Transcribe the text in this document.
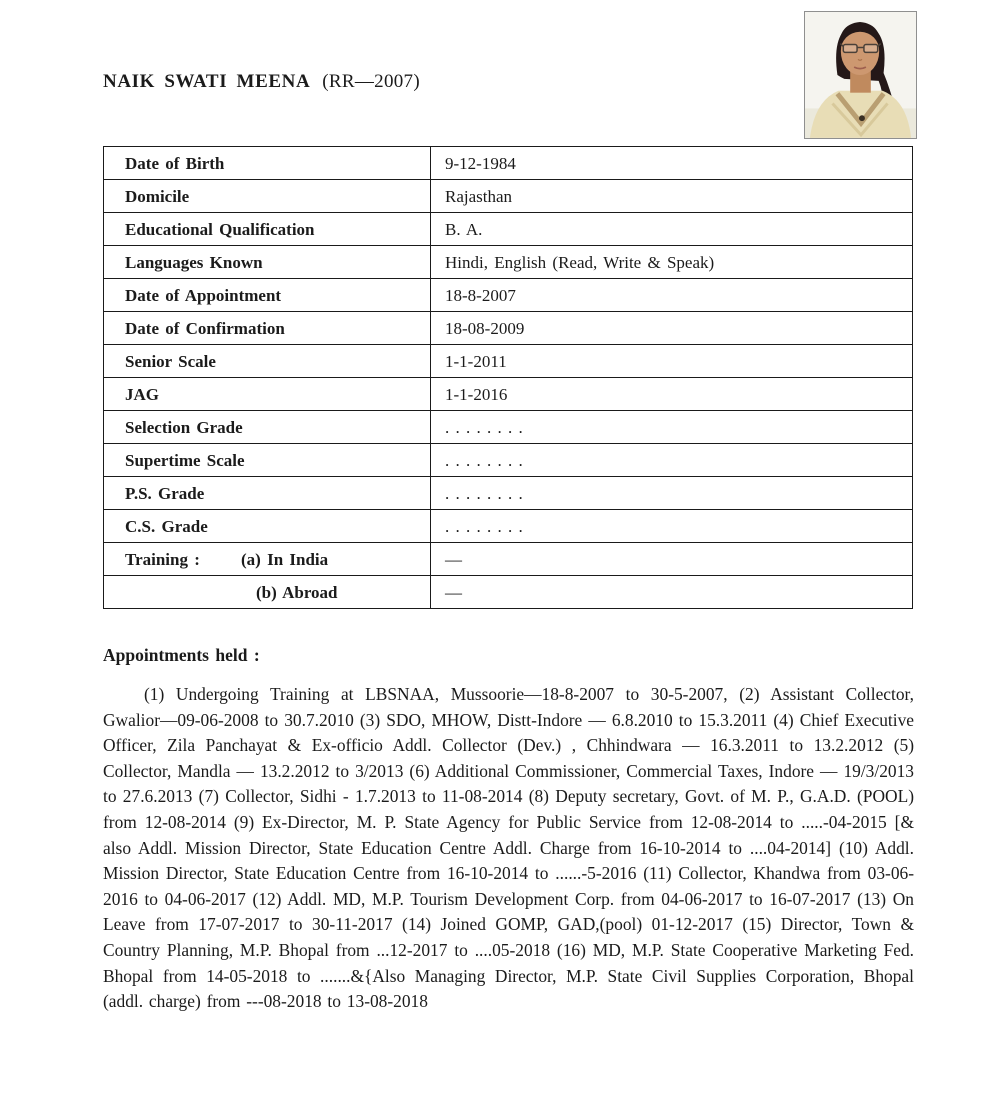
NAIK SWATI MEENA (RR—2007)
Date of Birth	9-12-1984
Domicile	Rajasthan
Educational Qualification	B. A.
Languages Known	Hindi, English (Read, Write & Speak)
Date of Appointment	18-8-2007
Date of Confirmation	18-08-2009
Senior Scale	1-1-2011
JAG	1-1-2016
Selection Grade	. . . . . . . .
Supertime Scale	. . . . . . . .
P.S. Grade	. . . . . . . .
C.S. Grade	. . . . . . . .
Training : (a) In India	—
(b) Abroad	—
Appointments held :

(1) Undergoing Training at LBSNAA, Mussoorie—18-8-2007 to 30-5-2007, (2) Assistant Collector, Gwalior—09-06-2008 to 30.7.2010 (3) SDO, MHOW, Distt-Indore — 6.8.2010 to 15.3.2011 (4) Chief Executive Officer, Zila Panchayat & Ex-officio Addl. Collector (Dev.) , Chhindwara — 16.3.2011 to 13.2.2012 (5) Collector, Mandla — 13.2.2012 to 3/2013 (6) Additional Commissioner, Commercial Taxes, Indore — 19/3/2013 to 27.6.2013 (7) Collector, Sidhi - 1.7.2013 to 11-08-2014 (8) Deputy secretary, Govt. of M. P., G.A.D. (POOL) from 12-08-2014 (9) Ex-Director, M. P. State Agency for Public Service from 12-08-2014 to .....-04-2015 [& also Addl. Mission Director, State Education Centre Addl. Charge from 16-10-2014 to ....04-2014] (10) Addl. Mission Director, State Education Centre from 16-10-2014 to ......-5-2016 (11) Collector, Khandwa from 03-06-2016 to 04-06-2017 (12) Addl. MD, M.P. Tourism Development Corp. from 04-06-2017 to 16-07-2017 (13) On Leave from 17-07-2017 to 30-11-2017 (14) Joined GOMP, GAD,(pool) 01-12-2017 (15) Director, Town & Country Planning, M.P. Bhopal from ...12-2017 to ....05-2018 (16) MD, M.P. State Cooperative Marketing Fed. Bhopal from 14-05-2018 to .......&{Also Managing Director, M.P. State Civil Supplies Corporation, Bhopal (addl. charge) from ---08-2018 to 13-08-2018
